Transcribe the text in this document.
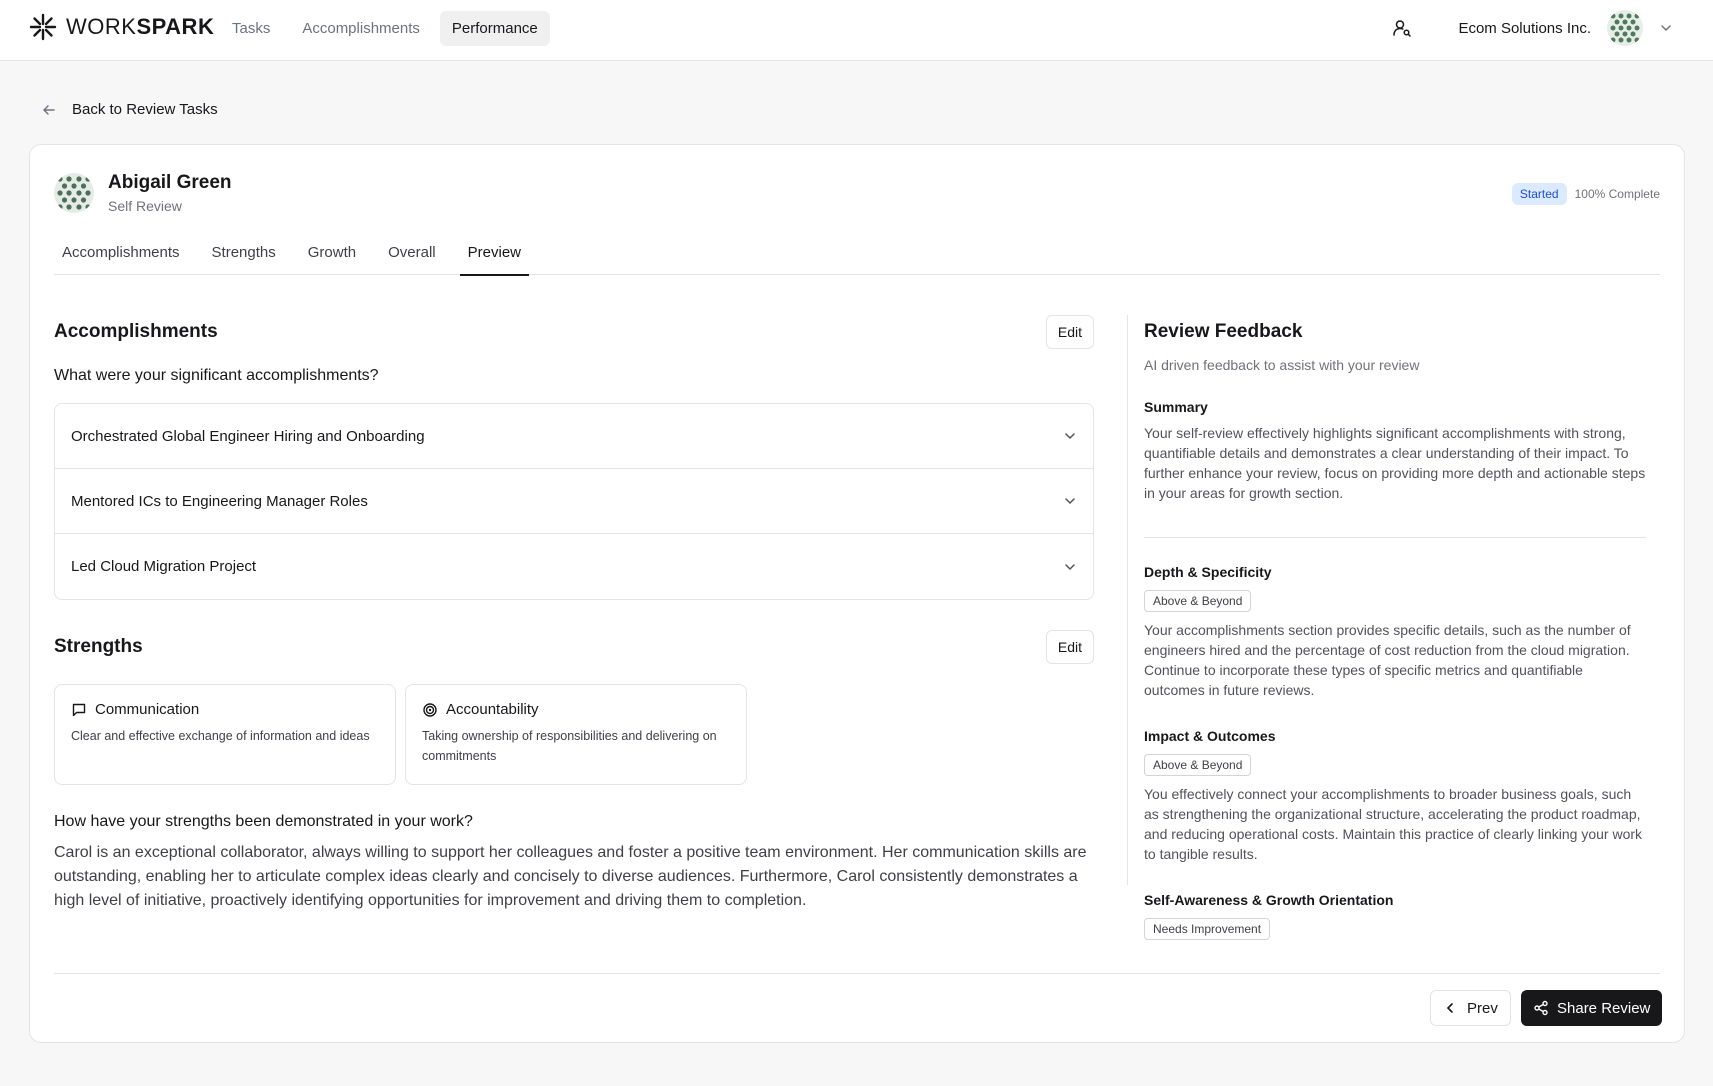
WORKSPARK	Tasks	Accomplishments	Performance	Ecom Solutions Inc.
Back to Review Tasks
Abigail Green
Self Review
Started	100% Complete
Accomplishments	Strengths	Growth	Overall	Preview
Accomplishments	Edit
What were your significant accomplishments?
Orchestrated Global Engineer Hiring and Onboarding
Mentored ICs to Engineering Manager Roles
Led Cloud Migration Project
Strengths	Edit
Communication
Clear and effective exchange of information and ideas
Accountability
Taking ownership of responsibilities and delivering on commitments
How have your strengths been demonstrated in your work?

Carol is an exceptional collaborator, always willing to support her colleagues and foster a positive team environment. Her communication skills are outstanding, enabling her to articulate complex ideas clearly and concisely to diverse audiences. Furthermore, Carol consistently demonstrates a high level of initiative, proactively identifying opportunities for improvement and driving them to completion.

Review Feedback
AI driven feedback to assist with your review
Summary

Your self-review effectively highlights significant accomplishments with strong, quantifiable details and demonstrates a clear understanding of their impact. To further enhance your review, focus on providing more depth and actionable steps in your areas for growth section.

Depth & Specificity
Above & Beyond

Your accomplishments section provides specific details, such as the number of engineers hired and the percentage of cost reduction from the cloud migration. Continue to incorporate these types of specific metrics and quantifiable outcomes in future reviews.

Impact & Outcomes
Above & Beyond

You effectively connect your accomplishments to broader business goals, such as strengthening the organizational structure, accelerating the product roadmap, and reducing operational costs. Maintain this practice of clearly linking your work to tangible results.

Self-Awareness & Growth Orientation
Needs Improvement
Prev	Share Review
